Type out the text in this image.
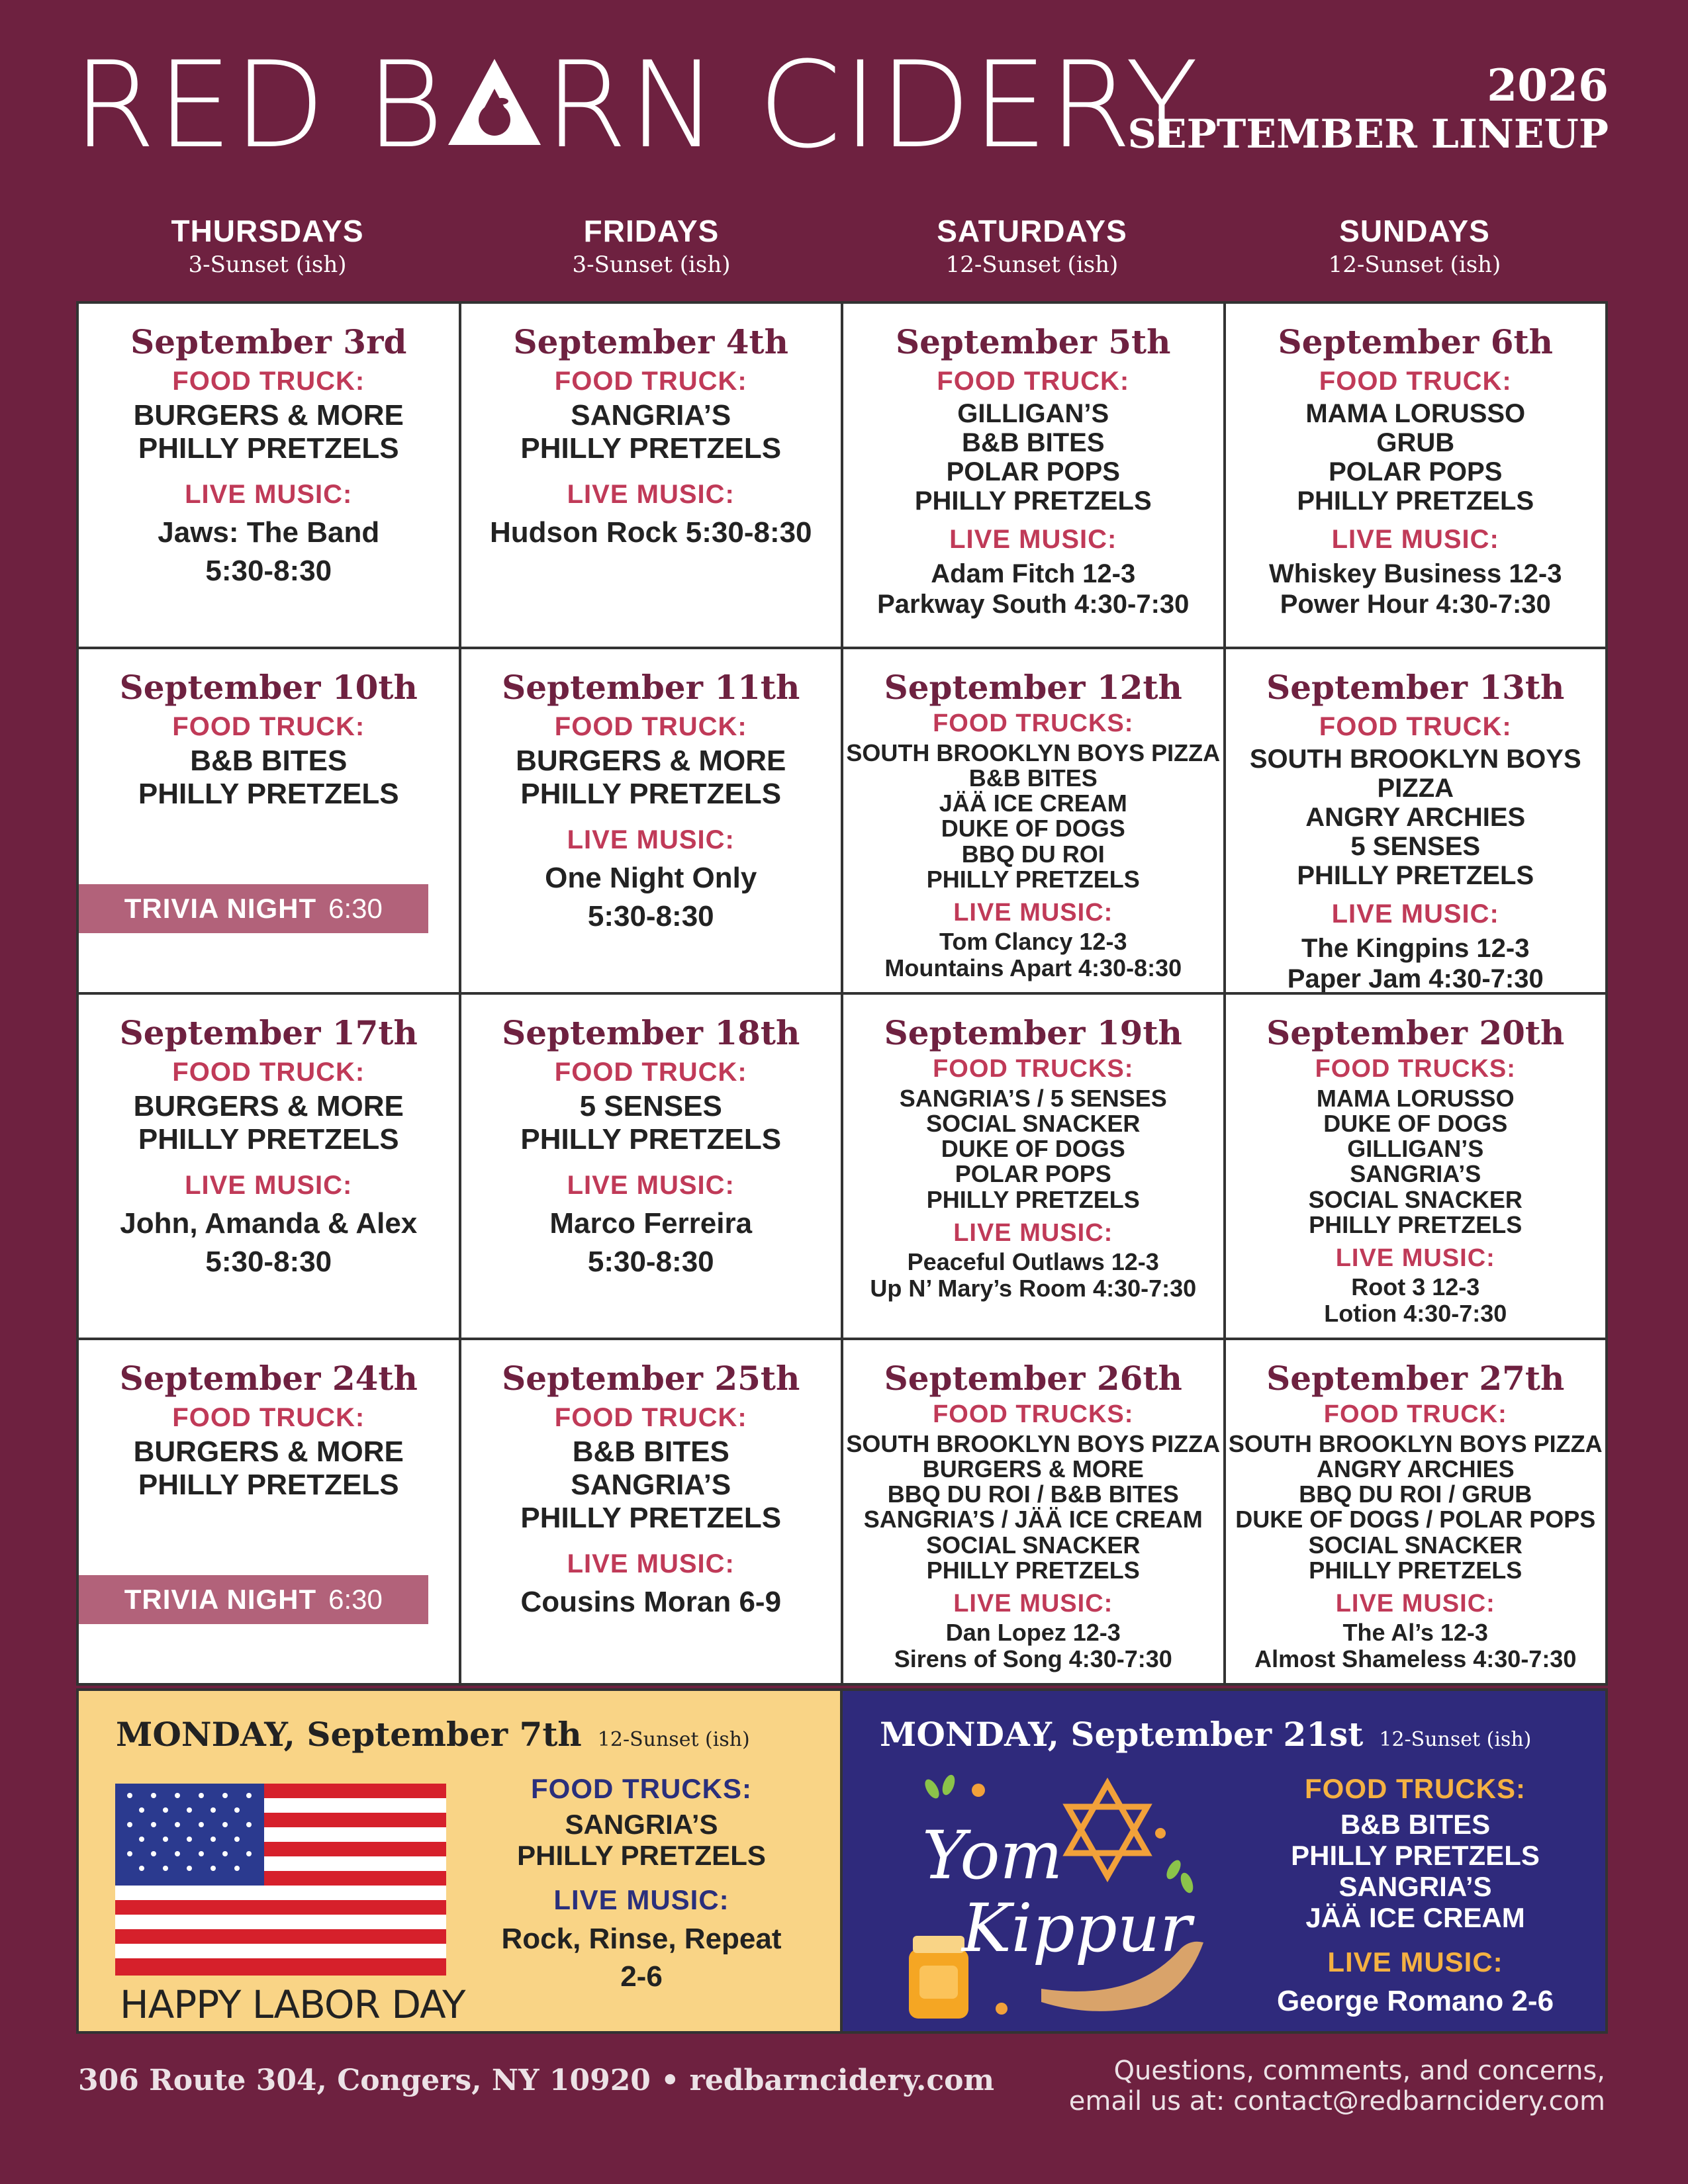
RED B RN CIDERY	2026
SEPTEMBER LINEUP
THURSDAYS
3-Sunset (ish)
FRIDAYS
3-Sunset (ish)
SATURDAYS
12-Sunset (ish)
SUNDAYS
12-Sunset (ish)
September 3rd
FOOD TRUCK:
BURGERS & MORE
PHILLY PRETZELS
LIVE MUSIC:
Jaws: The Band
5:30-8:30
September 4th
FOOD TRUCK:
SANGRIA’S
PHILLY PRETZELS
LIVE MUSIC:
Hudson Rock 5:30-8:30
September 5th
FOOD TRUCK:
GILLIGAN’S
B&B BITES
POLAR POPS
PHILLY PRETZELS
LIVE MUSIC:
Adam Fitch 12-3
Parkway South 4:30-7:30
September 6th
FOOD TRUCK:
MAMA LORUSSO
GRUB
POLAR POPS
PHILLY PRETZELS
LIVE MUSIC:
Whiskey Business 12-3
Power Hour 4:30-7:30
September 10th
FOOD TRUCK:
B&B BITES
PHILLY PRETZELS
TRIVIA NIGHT 6:30
September 11th
FOOD TRUCK:
BURGERS & MORE
PHILLY PRETZELS
LIVE MUSIC:
One Night Only
5:30-8:30
September 12th
FOOD TRUCKS:
SOUTH BROOKLYN BOYS PIZZA
B&B BITES
JÄÄ ICE CREAM
DUKE OF DOGS
BBQ DU ROI
PHILLY PRETZELS
LIVE MUSIC:
Tom Clancy 12-3
Mountains Apart 4:30-8:30
September 13th
FOOD TRUCK:
SOUTH BROOKLYN BOYS PIZZA
ANGRY ARCHIES
5 SENSES
PHILLY PRETZELS
LIVE MUSIC:
The Kingpins 12-3
Paper Jam 4:30-7:30
September 17th
FOOD TRUCK:
BURGERS & MORE
PHILLY PRETZELS
LIVE MUSIC:
John, Amanda & Alex
5:30-8:30
September 18th
FOOD TRUCK:
5 SENSES
PHILLY PRETZELS
LIVE MUSIC:
Marco Ferreira
5:30-8:30
September 19th
FOOD TRUCKS:
SANGRIA’S / 5 SENSES
SOCIAL SNACKER
DUKE OF DOGS
POLAR POPS
PHILLY PRETZELS
LIVE MUSIC:
Peaceful Outlaws 12-3
Up N’ Mary’s Room 4:30-7:30
September 20th
FOOD TRUCKS:
MAMA LORUSSO
DUKE OF DOGS
GILLIGAN’S
SANGRIA’S
SOCIAL SNACKER
PHILLY PRETZELS
LIVE MUSIC:
Root 3 12-3
Lotion 4:30-7:30
September 24th
FOOD TRUCK:
BURGERS & MORE
PHILLY PRETZELS
TRIVIA NIGHT 6:30
September 25th
FOOD TRUCK:
B&B BITES
SANGRIA’S
PHILLY PRETZELS
LIVE MUSIC:
Cousins Moran 6-9
September 26th
FOOD TRUCKS:
SOUTH BROOKLYN BOYS PIZZA
BURGERS & MORE
BBQ DU ROI / B&B BITES
SANGRIA’S / JÄÄ ICE CREAM
SOCIAL SNACKER
PHILLY PRETZELS
LIVE MUSIC:
Dan Lopez 12-3
Sirens of Song 4:30-7:30
September 27th
FOOD TRUCK:
SOUTH BROOKLYN BOYS PIZZA
ANGRY ARCHIES
BBQ DU ROI / GRUB
DUKE OF DOGS / POLAR POPS
SOCIAL SNACKER
PHILLY PRETZELS
LIVE MUSIC:
The Al’s 12-3
Almost Shameless 4:30-7:30
MONDAY, September 7th 12-Sunset (ish)
HAPPY LABOR DAY
FOOD TRUCKS:
SANGRIA’S
PHILLY PRETZELS
LIVE MUSIC:
Rock, Rinse, Repeat
2-6
MONDAY, September 21st 12-Sunset (ish)
Yom
Kippur
FOOD TRUCKS:
B&B BITES
PHILLY PRETZELS
SANGRIA’S
JÄÄ ICE CREAM
LIVE MUSIC:
George Romano 2-6
306 Route 304, Congers, NY 10920 • redbarncidery.com	Questions, comments, and concerns,
email us at: contact@redbarncidery.com
